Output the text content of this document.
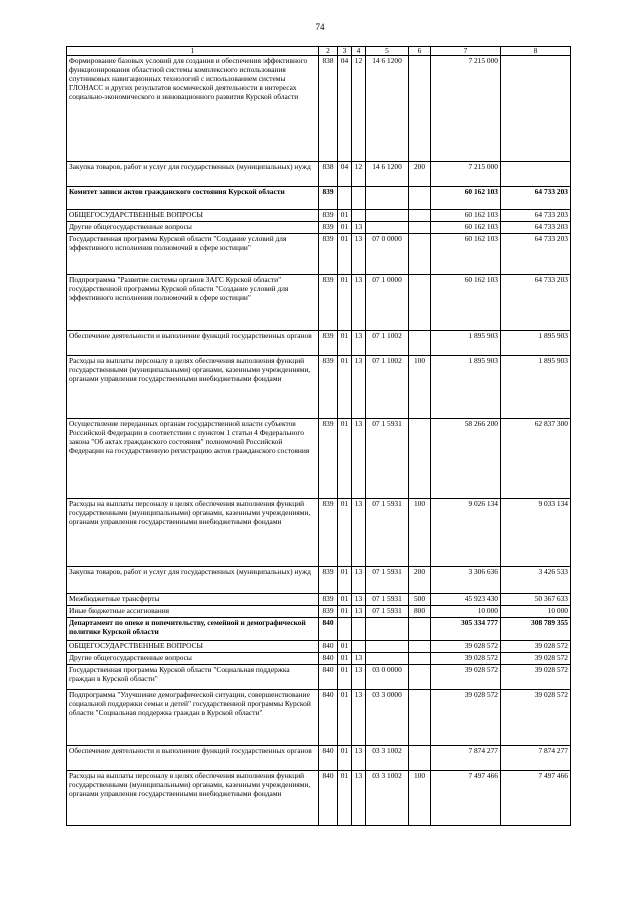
74
1	2	3	4	5	6	7	8
Формирование базовых условий для создания и обеспечения эффективного функционирования областной системы комплексного использования спутниковых навигационных технологий с использованием системы ГЛОНАСС и других результатов космической деятельности в интересах социально-экономического и инновационного развития Курской области	838	04	12	14 6 1200		7 215 000	
Закупка товаров, работ и услуг для государственных (муниципальных) нужд	838	04	12	14 6 1200	200	7 215 000	
Комитет записи актов гражданского состояния Курской области	839					60 162 103	64 733 203
ОБЩЕГОСУДАРСТВЕННЫЕ ВОПРОСЫ	839	01				60 162 103	64 733 203
Другие общегосударственные вопросы	839	01	13			60 162 103	64 733 203
Государственная программа Курской области "Создание условий для эффективного исполнения полномочий в сфере юстиции"	839	01	13	07 0 0000		60 162 103	64 733 203
Подпрограмма "Развитие системы органов ЗАГС Курской области" государственной программы Курской области "Создание условий для эффективного исполнения полномочий в сфере юстиции"	839	01	13	07 1 0000		60 162 103	64 733 203
Обеспечение деятельности и выполнение функций государственных органов	839	01	13	07 1 1002		1 895 903	1 895 903
Расходы на выплаты персоналу в целях обеспечения выполнения функций государственными (муниципальными) органами, казенными учреждениями, органами управления государственными внебюджетными фондами	839	01	13	07 1 1002	100	1 895 903	1 895 903
Осуществление переданных органам государственной власти субъектов Российской Федерации в соответствии с пунктом 1 статьи 4 Федерального закона "Об актах гражданского состояния" полномочий Российской Федерации на государственную регистрацию актов гражданского состояния	839	01	13	07 1 5931		58 266 200	62 837 300
Расходы на выплаты персоналу в целях обеспечения выполнения функций государственными (муниципальными) органами, казенными учреждениями, органами управления государственными внебюджетными фондами	839	01	13	07 1 5931	100	9 026 134	9 033 134
Закупка товаров, работ и услуг для государственных (муниципальных) нужд	839	01	13	07 1 5931	200	3 306 636	3 426 533
Межбюджетные трансферты	839	01	13	07 1 5931	500	45 923 430	50 367 633
Иные бюджетные ассигнования	839	01	13	07 1 5931	800	10 000	10 000
Департамент по опеке и попечительству, семейной и демографической политике Курской области	840					305 334 777	308 789 355
ОБЩЕГОСУДАРСТВЕННЫЕ ВОПРОСЫ	840	01				39 028 572	39 028 572
Другие общегосударственные вопросы	840	01	13			39 028 572	39 028 572
Государственная программа Курской области "Социальная поддержка граждан в Курской области"	840	01	13	03 0 0000		39 028 572	39 028 572
Подпрограмма "Улучшение демографической ситуации, совершенствование социальной поддержки семьи и детей" государственной программы Курской области "Социальная поддержка граждан в Курской области"	840	01	13	03 3 0000		39 028 572	39 028 572
Обеспечение деятельности и выполнение функций государственных органов	840	01	13	03 3 1002		7 874 277	7 874 277
Расходы на выплаты персоналу в целях обеспечения выполнения функций государственными (муниципальными) органами, казенными учреждениями, органами управления государственными внебюджетными фондами	840	01	13	03 3 1002	100	7 497 466	7 497 466
